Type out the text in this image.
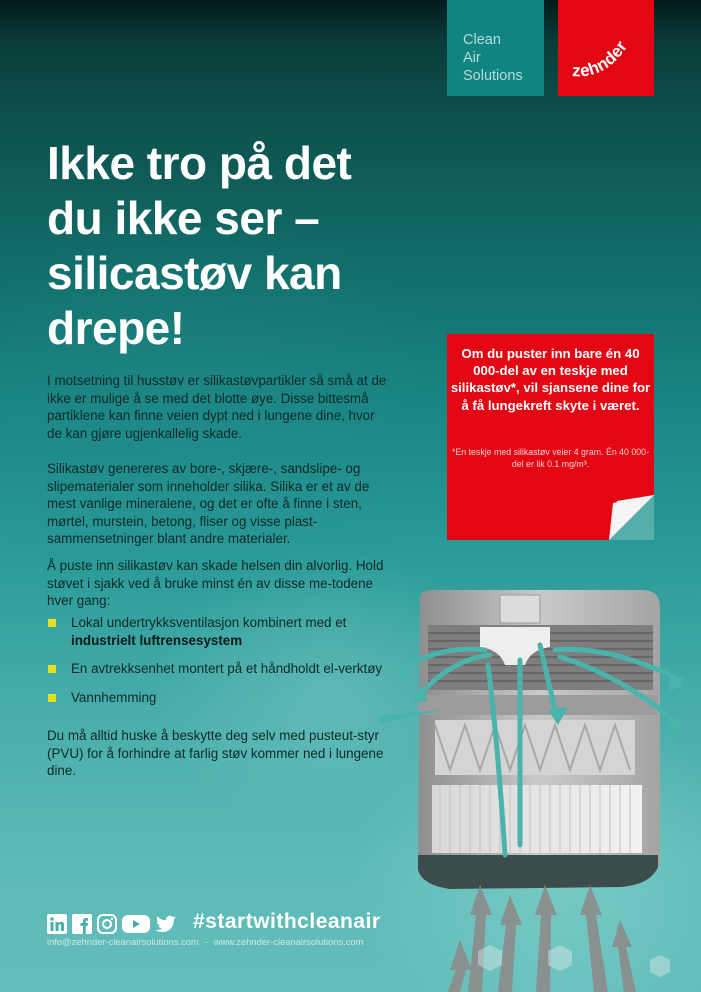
Clean
Air
Solutions	zehnder
Ikke tro på det
du ikke ser –
silicastøv kan
drepe!

I motsetning til husstøv er silikastøvpartikler så små at de ikke er mulige å se med det blotte øye. Disse bittesmå partiklene kan finne veien dypt ned i lungene dine, hvor de kan gjøre ugjenkallelig skade.

Silikastøv genereres av bore-, skjære-, sandslipe- og slipematerialer som inneholder silika. Silika er et av de mest vanlige mineralene, og det er ofte å finne i sten, mørtel, murstein, betong, fliser og visse plast-sammensetninger blant andre materialer.

Å puste inn silikastøv kan skade helsen din alvorlig. Hold støvet i sjakk ved å bruke minst én av disse me-todene hver gang:

Lokal undertrykksventilasjon kombinert med et industrielt luftrensesystem
En avtrekksenhet montert på et håndholdt el-verktøy
Vannhemming

Du må alltid huske å beskytte deg selv med pusteut-styr (PVU) for å forhindre at farlig støv kommer ned i lungene dine.

Om du puster inn bare én 40 000-del av en teskje med silikastøv*, vil sjansene dine for å få lungekreft skyte i været.
*En teskje med silikastøv veier 4 gram. Én 40 000-del er lik 0.1 mg/m³.
#startwithcleanair
info@zehnder-cleanairsolutions.com - www.zehnder-cleanairsolutions.com
